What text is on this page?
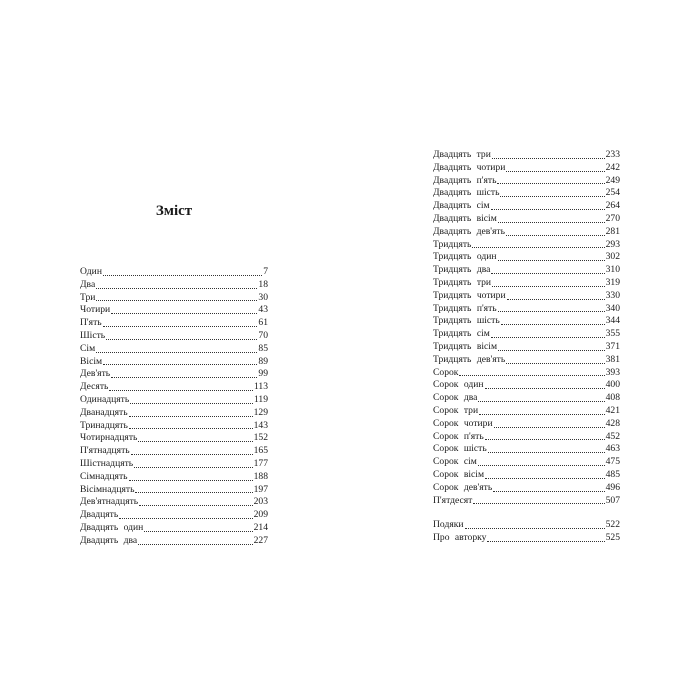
Зміст
Один	7
Два	18
Три	30
Чотири	43
П'ять	61
Шість	70
Сім	85
Вісім	89
Дев'ять	99
Десять	113
Одинадцять	119
Дванадцять	129
Тринадцять	143
Чотирнадцять	152
П'ятнадцять	165
Шістнадцять	177
Сімнадцять	188
Вісімнадцять	197
Дев'ятнадцять	203
Двадцять	209
Двадцять один	214
Двадцять два	227
Двадцять три	233
Двадцять чотири	242
Двадцять п'ять	249
Двадцять шість	254
Двадцять сім	264
Двадцять вісім	270
Двадцять дев'ять	281
Тридцять	293
Тридцять один	302
Тридцять два	310
Тридцять три	319
Тридцять чотири	330
Тридцять п'ять	340
Тридцять шість	344
Тридцять сім	355
Тридцять вісім	371
Тридцять дев'ять	381
Сорок	393
Сорок один	400
Сорок два	408
Сорок три	421
Сорок чотири	428
Сорок п'ять	452
Сорок шість	463
Сорок сім	475
Сорок вісім	485
Сорок дев'ять	496
П'ятдесят	507
Подяки	522
Про авторку	525
